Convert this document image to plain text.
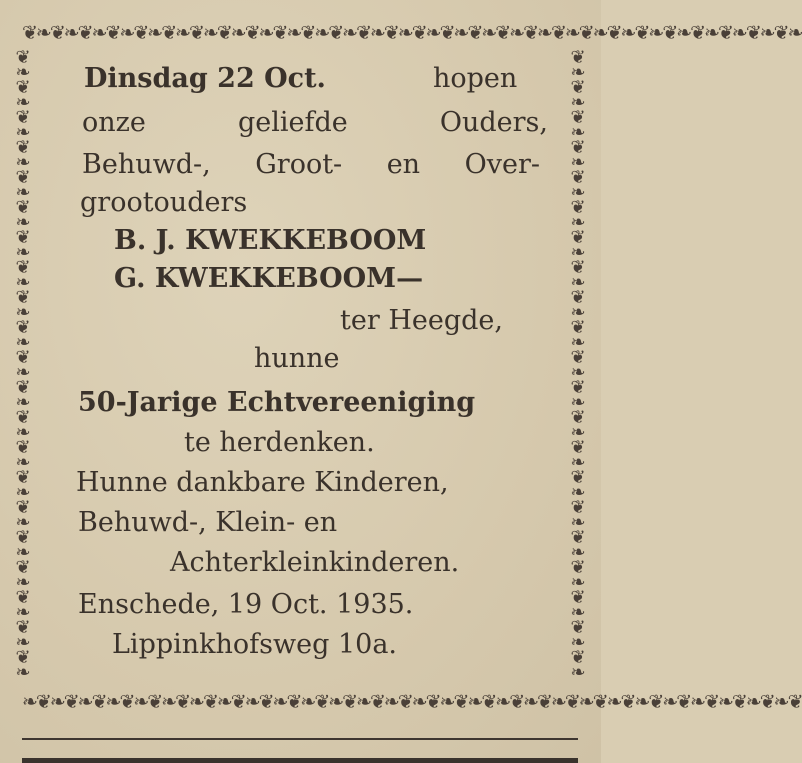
❦❧❦❧❦❧❦❧❦❧❦❧❦❧❦❧❦❧❦❧❦❧❦❧❦❧❦❧❦❧❦❧❦❧❦❧❦❧❦❧❦❧❦❧❦❧❦❧❦❧❦❧❦❧❦❧
❦
❧
❦
❧
❦
❧
❦
❧
❦
❧
❦
❧
❦
❧
❦
❧
❦
❧
❦
❧
❦
❧
❦
❧
❦
❧
❦
❧
❦
❧
❦
❧
❦
❧
❦
❧
❦
❧
❦
❧
❦
❧
❦
❧
❦
❧
❦
❧
❦
❧
❦
❧
❦
❧
❦
❧
❦
❧
❦
❧
❦
❧
❦
❧
❦
❧
❦
❧
❦
❧
❦
❧
❦
❧
❦
❧
❦
❧
❦
❧
❦
❧
❦
❧
❧❦❧❦❧❦❧❦❧❦❧❦❧❦❧❦❧❦❧❦❧❦❧❦❧❦❧❦❧❦❧❦❧❦❧❦❧❦❧❦❧❦❧❦❧❦❧❦❧❦❧❦❧❦❧❦
Dinsdag 22 Oct.	hopen
onze geliefde Ouders,
Behuwd-, Groot- en Over-
grootouders
B. J. KWEKKEBOOM
G. KWEKKEBOOM—
ter Heegde,
hunne
50-Jarige Echtvereeniging
te herdenken.
Hunne dankbare Kinderen,
Behuwd-, Klein- en
Achterkleinkinderen.
Enschede, 19 Oct. 1935.
Lippinkhofsweg 10a.
